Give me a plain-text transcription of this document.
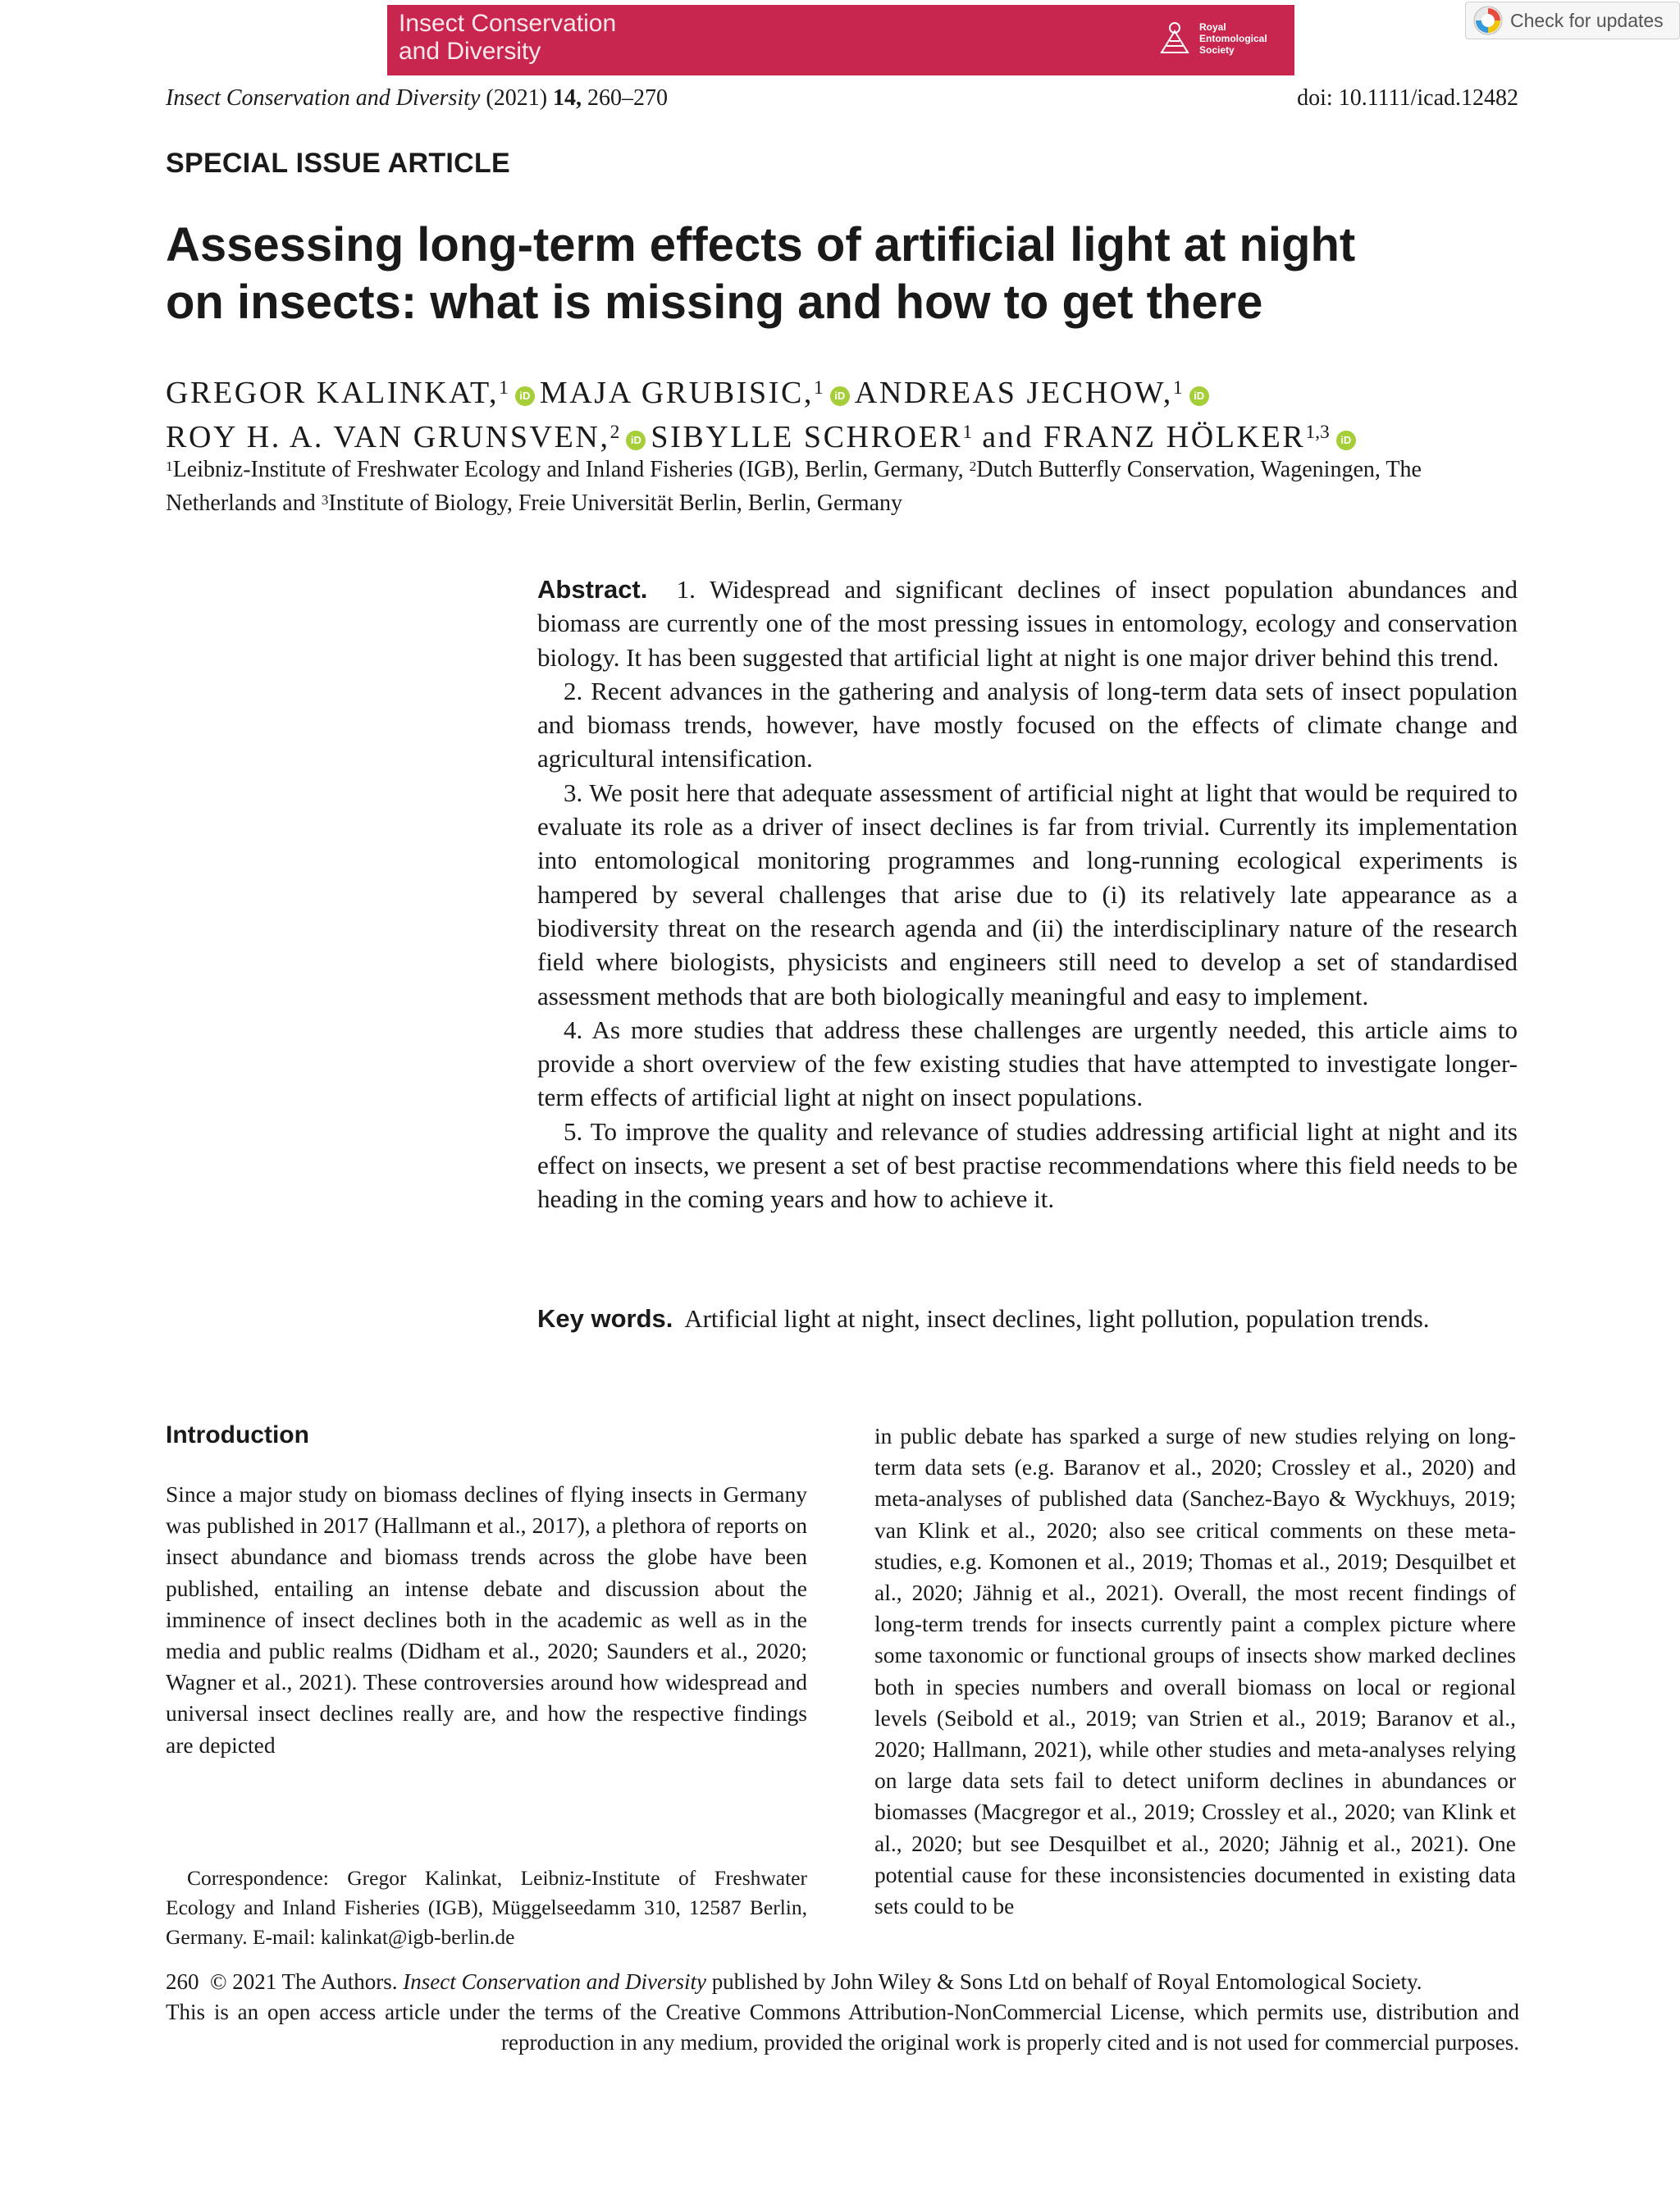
Insect Conservation
and Diversity
Royal
Entomological
Society
Check for updates
Insect Conservation and Diversity (2021) 14, 260–270	doi: 10.1111/icad.12482
SPECIAL ISSUE ARTICLE
Assessing long-term effects of artificial light at night
on insects: what is missing and how to get there
GREGOR KALINKAT,$^1$ iD MAJA GRUBISIC,$^1$ iD ANDREAS JECHOW,$^1$ iD
ROY H. A. VAN GRUNSVEN,$^2$ iD SIBYLLE SCHROER$^1$ and FRANZ HÖLKER$^{1,3}$ iD
$^1$Leibniz-Institute of Freshwater Ecology and Inland Fisheries (IGB), Berlin, Germany, $^2$Dutch Butterfly Conservation, Wageningen, The Netherlands and $^3$Institute of Biology, Freie Universität Berlin, Berlin, Germany

Abstract. 1. Widespread and significant declines of insect population abundances and biomass are currently one of the most pressing issues in entomology, ecology and conservation biology. It has been suggested that artificial light at night is one major driver behind this trend.

2. Recent advances in the gathering and analysis of long-term data sets of insect population and biomass trends, however, have mostly focused on the effects of climate change and agricultural intensification.

3. We posit here that adequate assessment of artificial night at light that would be required to evaluate its role as a driver of insect declines is far from trivial. Currently its implementation into entomological monitoring programmes and long-running ecological experiments is hampered by several challenges that arise due to (i) its relatively late appearance as a biodiversity threat on the research agenda and (ii) the interdisciplinary nature of the research field where biologists, physicists and engineers still need to develop a set of standardised assessment methods that are both biologically meaningful and easy to implement.

4. As more studies that address these challenges are urgently needed, this article aims to provide a short overview of the few existing studies that have attempted to investigate longer-term effects of artificial light at night on insect populations.

5. To improve the quality and relevance of studies addressing artificial light at night and its effect on insects, we present a set of best practise recommendations where this field needs to be heading in the coming years and how to achieve it.

Key words. Artificial light at night, insect declines, light pollution, population trends.
Introduction
Since a major study on biomass declines of flying insects in Germany was published in 2017 (Hallmann et al., 2017), a plethora of reports on insect abundance and biomass trends across the globe have been published, entailing an intense debate and discussion about the imminence of insect declines both in the academic as well as in the media and public realms (Didham et al., 2020; Saunders et al., 2020; Wagner et al., 2021). These controversies around how widespread and universal insect declines really are, and how the respective findings are depicted
in public debate has sparked a surge of new studies relying on long-term data sets (e.g. Baranov et al., 2020; Crossley et al., 2020) and meta-analyses of published data (Sanchez-Bayo & Wyckhuys, 2019; van Klink et al., 2020; also see critical comments on these meta-studies, e.g. Komonen et al., 2019; Thomas et al., 2019; Desquilbet et al., 2020; Jähnig et al., 2021). Overall, the most recent findings of long-term trends for insects currently paint a complex picture where some taxonomic or functional groups of insects show marked declines both in species numbers and overall biomass on local or regional levels (Seibold et al., 2019; van Strien et al., 2019; Baranov et al., 2020; Hallmann, 2021), while other studies and meta-analyses relying on large data sets fail to detect uniform declines in abundances or biomasses (Macgregor et al., 2019; Crossley et al., 2020; van Klink et al., 2020; but see Desquilbet et al., 2020; Jähnig et al., 2021). One potential cause for these inconsistencies documented in existing data sets could to be
Correspondence: Gregor Kalinkat, Leibniz-Institute of Freshwater Ecology and Inland Fisheries (IGB), Müggelseedamm 310, 12587 Berlin, Germany. E-mail: kalinkat@igb-berlin.de
260 © 2021 The Authors. Insect Conservation and Diversity published by John Wiley & Sons Ltd on behalf of Royal Entomological Society.
This is an open access article under the terms of the Creative Commons Attribution-NonCommercial License, which permits use, distribution and reproduction in any medium, provided the original work is properly cited and is not used for commercial purposes.
